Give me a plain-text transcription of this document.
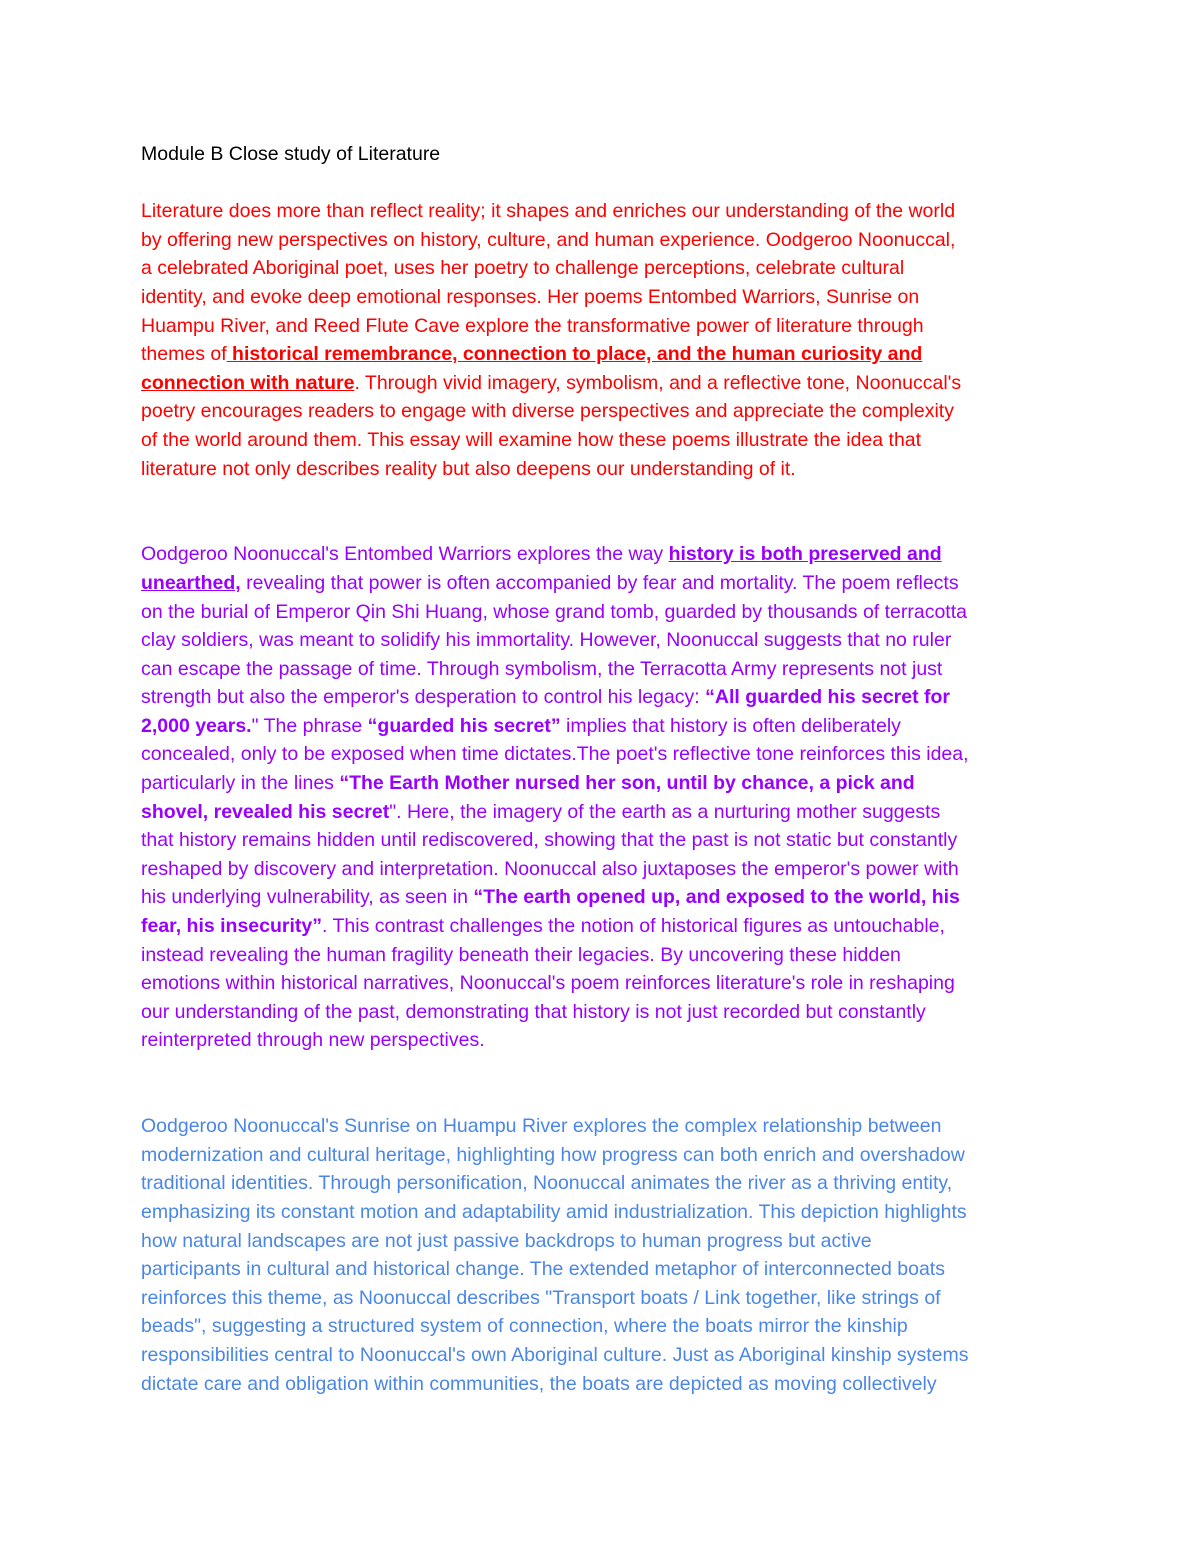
Module B Close study of Literature
Literature does more than reflect reality; it shapes and enriches our understanding of the world
by offering new perspectives on history, culture, and human experience. Oodgeroo Noonuccal,
a celebrated Aboriginal poet, uses her poetry to challenge perceptions, celebrate cultural
identity, and evoke deep emotional responses. Her poems Entombed Warriors, Sunrise on
Huampu River, and Reed Flute Cave explore the transformative power of literature through
themes of historical remembrance, connection to place, and the human curiosity and
connection with nature. Through vivid imagery, symbolism, and a reflective tone, Noonuccal's
poetry encourages readers to engage with diverse perspectives and appreciate the complexity
of the world around them. This essay will examine how these poems illustrate the idea that
literature not only describes reality but also deepens our understanding of it.
Oodgeroo Noonuccal's Entombed Warriors explores the way history is both preserved and
unearthed, revealing that power is often accompanied by fear and mortality. The poem reflects
on the burial of Emperor Qin Shi Huang, whose grand tomb, guarded by thousands of terracotta
clay soldiers, was meant to solidify his immortality. However, Noonuccal suggests that no ruler
can escape the passage of time. Through symbolism, the Terracotta Army represents not just
strength but also the emperor's desperation to control his legacy: “All guarded his secret for
2,000 years." The phrase “guarded his secret” implies that history is often deliberately
concealed, only to be exposed when time dictates.The poet's reflective tone reinforces this idea,
particularly in the lines “The Earth Mother nursed her son, until by chance, a pick and
shovel, revealed his secret". Here, the imagery of the earth as a nurturing mother suggests
that history remains hidden until rediscovered, showing that the past is not static but constantly
reshaped by discovery and interpretation. Noonuccal also juxtaposes the emperor's power with
his underlying vulnerability, as seen in “The earth opened up, and exposed to the world, his
fear, his insecurity”. This contrast challenges the notion of historical figures as untouchable,
instead revealing the human fragility beneath their legacies. By uncovering these hidden
emotions within historical narratives, Noonuccal's poem reinforces literature's role in reshaping
our understanding of the past, demonstrating that history is not just recorded but constantly
reinterpreted through new perspectives.
Oodgeroo Noonuccal's Sunrise on Huampu River explores the complex relationship between
modernization and cultural heritage, highlighting how progress can both enrich and overshadow
traditional identities. Through personification, Noonuccal animates the river as a thriving entity,
emphasizing its constant motion and adaptability amid industrialization. This depiction highlights
how natural landscapes are not just passive backdrops to human progress but active
participants in cultural and historical change. The extended metaphor of interconnected boats
reinforces this theme, as Noonuccal describes "Transport boats / Link together, like strings of
beads", suggesting a structured system of connection, where the boats mirror the kinship
responsibilities central to Noonuccal's own Aboriginal culture. Just as Aboriginal kinship systems
dictate care and obligation within communities, the boats are depicted as moving collectively
